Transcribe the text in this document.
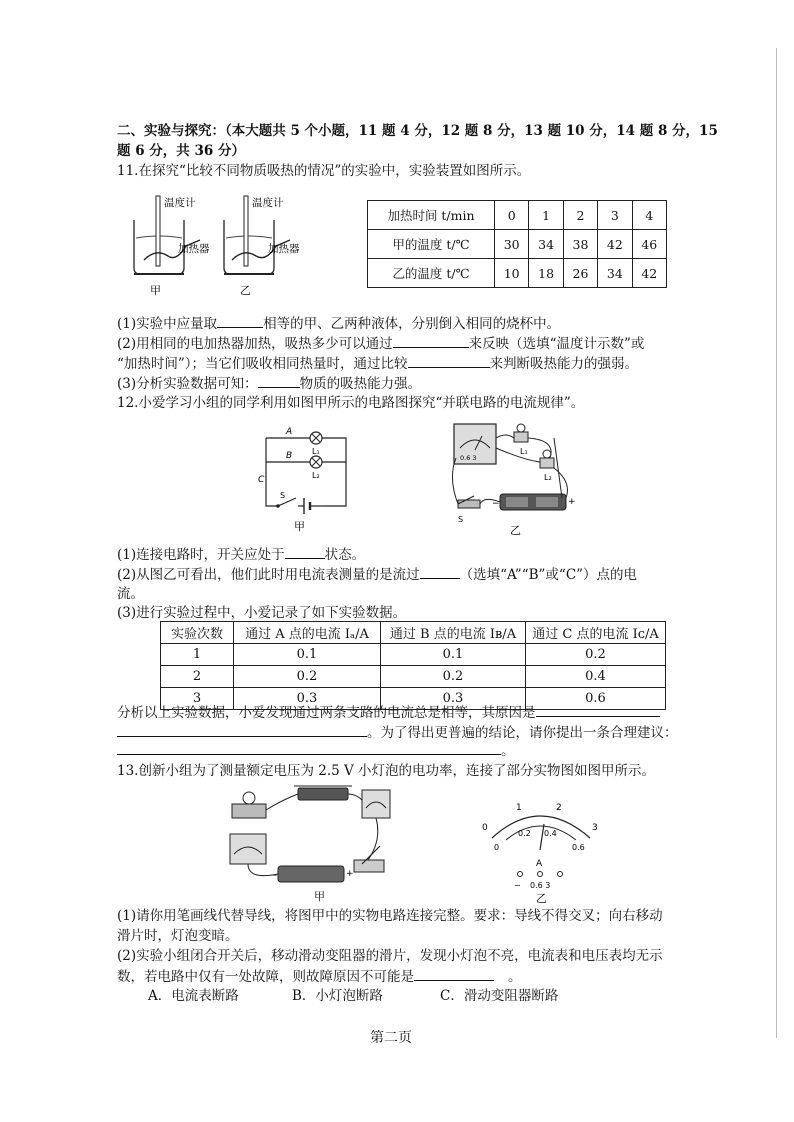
二、实验与探究：（本大题共 5 个小题，11 题 4 分，12 题 8 分，13 题 10 分，14 题 8 分，15
题 6 分，共 36 分）
11.在探究“比较不同物质吸热的情况”的实验中，实验装置如图所示。
温度计
加热器
甲
温度计
加热器
乙
加热时间 t/min	0	1	2	3	4
甲的温度 t/℃	30	34	38	42	46
乙的温度 t/℃	10	18	26	34	42
(1)实验中应量取	相等的甲、乙两种液体，分别倒入相同的烧杯中。
(2)用相同的电加热器加热，吸热多少可以通过	来反映（选填“温度计示数”或
“加热时间”）；当它们吸收相同热量时，通过比较	来判断吸热能力的强弱。
(3)分析实验数据可知：	物质的吸热能力强。
12.小爱学习小组的同学利用如图甲所示的电路图探究“并联电路的电流规律”。
A
B
C
L₁
L₂
S
甲
0.6 3
L₁
L₂
−	+
S
乙
(1)连接电路时，开关应处于	状态。
(2)从图乙可看出，他们此时用电流表测量的是流过	（选填“A”“B”或“C”）点的电
流。
(3)进行实验过程中，小爱记录了如下实验数据。
实验次数	通过 A 点的电流 Iₐ/A	通过 B 点的电流 Iʙ/A	通过 C 点的电流 Iᴄ/A
1	0.1	0.1	0.2
2	0.2	0.2	0.4
3	0.3	0.3	0.6
分析以上实验数据，小爱发现通过两条支路的电流总是相等，其原因是
。为了得出更普遍的结论，请你提出一条合理建议：
。
13.创新小组为了测量额定电压为 2.5 V 小灯泡的电功率，连接了部分实物图如图甲所示。
−	+
甲
0
1	2
3
0
0.2 0.4
0.6
A
− 0.6 3
乙
(1)请你用笔画线代替导线，将图甲中的实物电路连接完整。要求：导线不得交叉；向右移动
滑片时，灯泡变暗。
(2)实验小组闭合开关后，移动滑动变阻器的滑片，发现小灯泡不亮，电流表和电压表均无示
数，若电路中仅有一处故障，则故障原因不可能是	。
A．电流表断路	B．小灯泡断路	C．滑动变阻器断路
第二页
